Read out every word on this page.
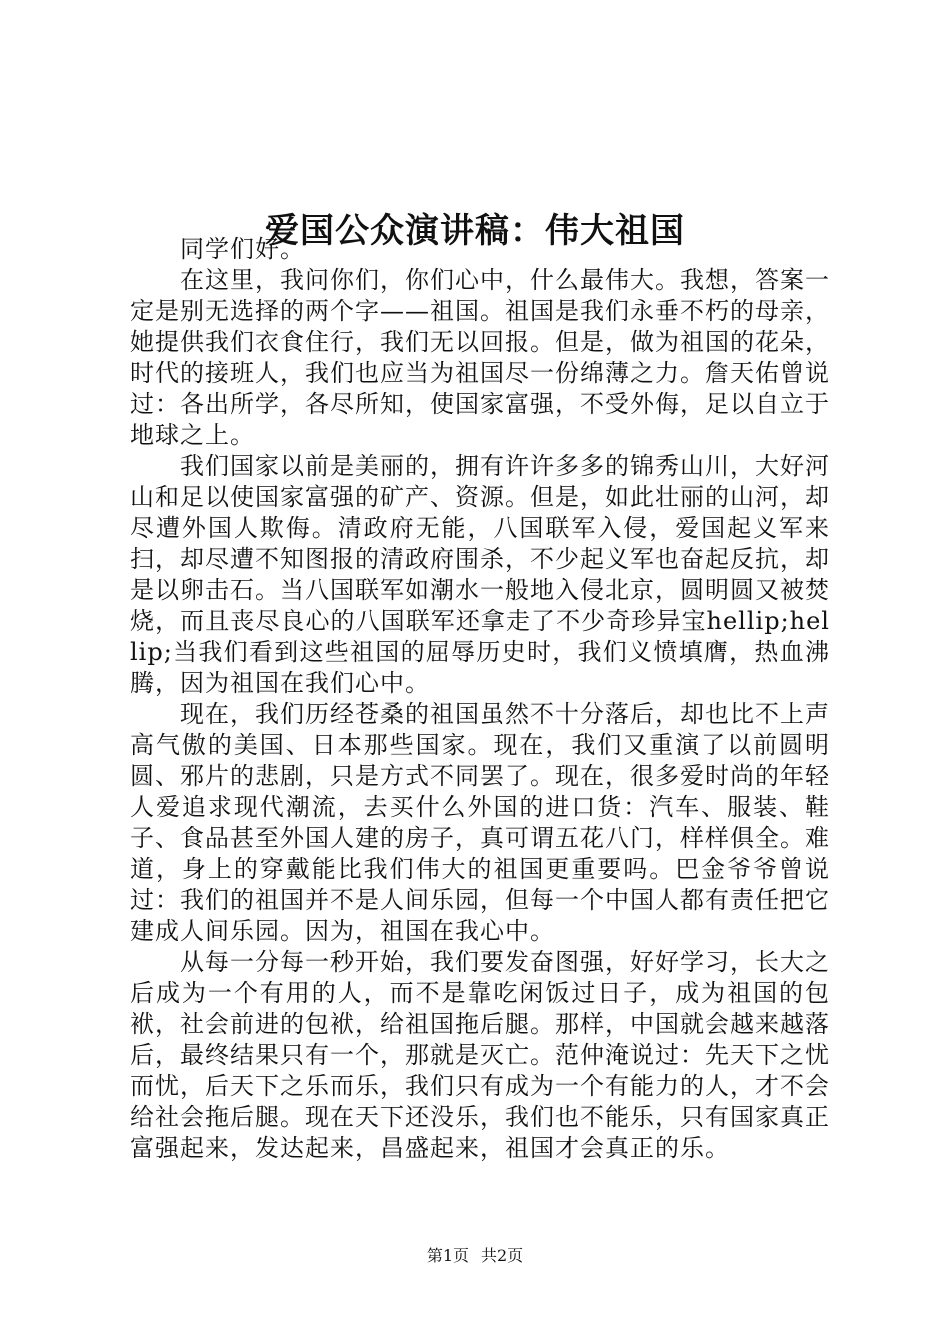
爱国公众演讲稿：伟大祖国

同学们好。

在这里，我问你们，你们心中，什么最伟大。我想，答案一定是别无选择的两个字——祖国。祖国是我们永垂不朽的母亲，她提供我们衣食住行，我们无以回报。但是，做为祖国的花朵，时代的接班人，我们也应当为祖国尽一份绵薄之力。詹天佑曾说过：各出所学，各尽所知，使国家富强，不受外侮，足以自立于地球之上。

我们国家以前是美丽的，拥有许许多多的锦秀山川，大好河山和足以使国家富强的矿产、资源。但是，如此壮丽的山河，却尽遭外国人欺侮。清政府无能，八国联军入侵，爱国起义军来扫，却尽遭不知图报的清政府围杀，不少起义军也奋起反抗，却是以卵击石。当八国联军如潮水一般地入侵北京，圆明圆又被焚烧，而且丧尽良心的八国联军还拿走了不少奇珍异宝hellip;hellip;当我们看到这些祖国的屈辱历史时，我们义愤填膺，热血沸腾，因为祖国在我们心中。

现在，我们历经苍桑的祖国虽然不十分落后，却也比不上声高气傲的美国、日本那些国家。现在，我们又重演了以前圆明圆、邪片的悲剧，只是方式不同罢了。现在，很多爱时尚的年轻人爱追求现代潮流，去买什么外国的进口货：汽车、服装、鞋子、食品甚至外国人建的房子，真可谓五花八门，样样俱全。难道，身上的穿戴能比我们伟大的祖国更重要吗。巴金爷爷曾说过：我们的祖国并不是人间乐园，但每一个中国人都有责任把它建成人间乐园。因为，祖国在我心中。

从每一分每一秒开始，我们要发奋图强，好好学习，长大之后成为一个有用的人，而不是靠吃闲饭过日子，成为祖国的包袱，社会前进的包袱，给祖国拖后腿。那样，中国就会越来越落后，最终结果只有一个，那就是灭亡。范仲淹说过：先天下之忧而忧，后天下之乐而乐，我们只有成为一个有能力的人，才不会给社会拖后腿。现在天下还没乐，我们也不能乐，只有国家真正富强起来，发达起来，昌盛起来，祖国才会真正的乐。

第1页 共2页
